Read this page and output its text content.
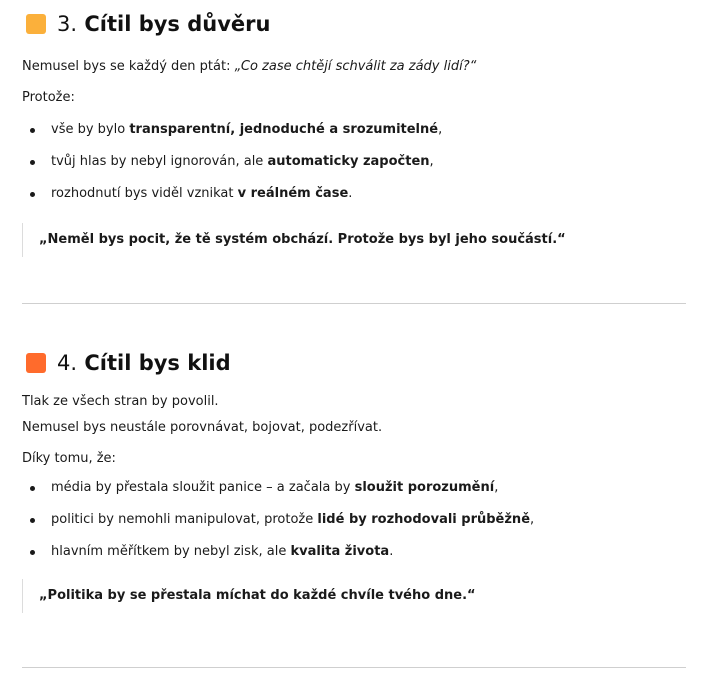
3. Cítil bys důvěru

Nemusel bys se každý den ptát: „Co zase chtějí schválit za zády lidí?“

Protože:

vše by bylo transparentní, jednoduché a srozumitelné,
tvůj hlas by nebyl ignorován, ale automaticky započten,
rozhodnutí bys viděl vznikat v reálném čase.
„Neměl bys pocit, že tě systém obchází. Protože bys byl jeho součástí.“
4. Cítil bys klid

Tlak ze všech stran by povolil.

Nemusel bys neustále porovnávat, bojovat, podezřívat.

Díky tomu, že:

média by přestala sloužit panice – a začala by sloužit porozumění,
politici by nemohli manipulovat, protože lidé by rozhodovali průběžně,
hlavním měřítkem by nebyl zisk, ale kvalita života.
„Politika by se přestala míchat do každé chvíle tvého dne.“
